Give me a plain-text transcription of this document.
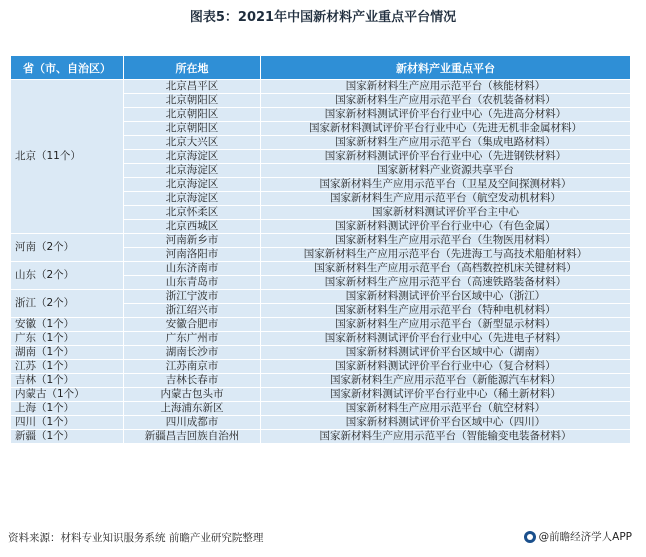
图表5：2021年中国新材料产业重点平台情况
省（市、自治区）	所在地	新材料产业重点平台
北京（11个）	北京昌平区	国家新材料生产应用示范平台（核能材料）
	北京朝阳区	国家新材料生产应用示范平台（农机装备材料）
	北京朝阳区	国家新材料测试评价平台行业中心（先进高分材料）
	北京朝阳区	国家新材料测试评价平台行业中心（先进无机非金属材料）
	北京大兴区	国家新材料生产应用示范平台（集成电路材料）
	北京海淀区	国家新材料测试评价平台行业中心（先进钢铁材料）
	北京海淀区	国家新材料产业资源共享平台
	北京海淀区	国家新材料生产应用示范平台（卫星及空间探测材料）
	北京海淀区	国家新材料生产应用示范平台（航空发动机材料）
	北京怀柔区	国家新材料测试评价平台主中心
	北京西城区	国家新材料测试评价平台行业中心（有色金属）
河南（2个）	河南新乡市	国家新材料生产应用示范平台（生物医用材料）
	河南洛阳市	国家新材料生产应用示范平台（先进海工与高技术船舶材料）
山东（2个）	山东济南市	国家新材料生产应用示范平台（高档数控机床关键材料）
	山东青岛市	国家新材料生产应用示范平台（高速铁路装备材料）
浙江（2个）	浙江宁波市	国家新材料测试评价平台区域中心（浙江）
	浙江绍兴市	国家新材料生产应用示范平台（特种电机材料）
安徽（1个）	安徽合肥市	国家新材料生产应用示范平台（新型显示材料）
广东（1个）	广东广州市	国家新材料测试评价平台行业中心（先进电子材料）
湖南（1个）	湖南长沙市	国家新材料测试评价平台区域中心（湖南）
江苏（1个）	江苏南京市	国家新材料测试评价平台行业中心（复合材料）
吉林（1个）	吉林长春市	国家新材料生产应用示范平台（新能源汽车材料）
内蒙古（1个）	内蒙古包头市	国家新材料测试评价平台行业中心（稀土新材料）
上海（1个）	上海浦东新区	国家新材料生产应用示范平台（航空材料）
四川（1个）	四川成都市	国家新材料测试评价平台区域中心（四川）
新疆（1个）	新疆昌吉回族自治州	国家新材料生产应用示范平台（智能输变电装备材料）
资料来源：材料专业知识服务系统 前瞻产业研究院整理	@前瞻经济学人APP
